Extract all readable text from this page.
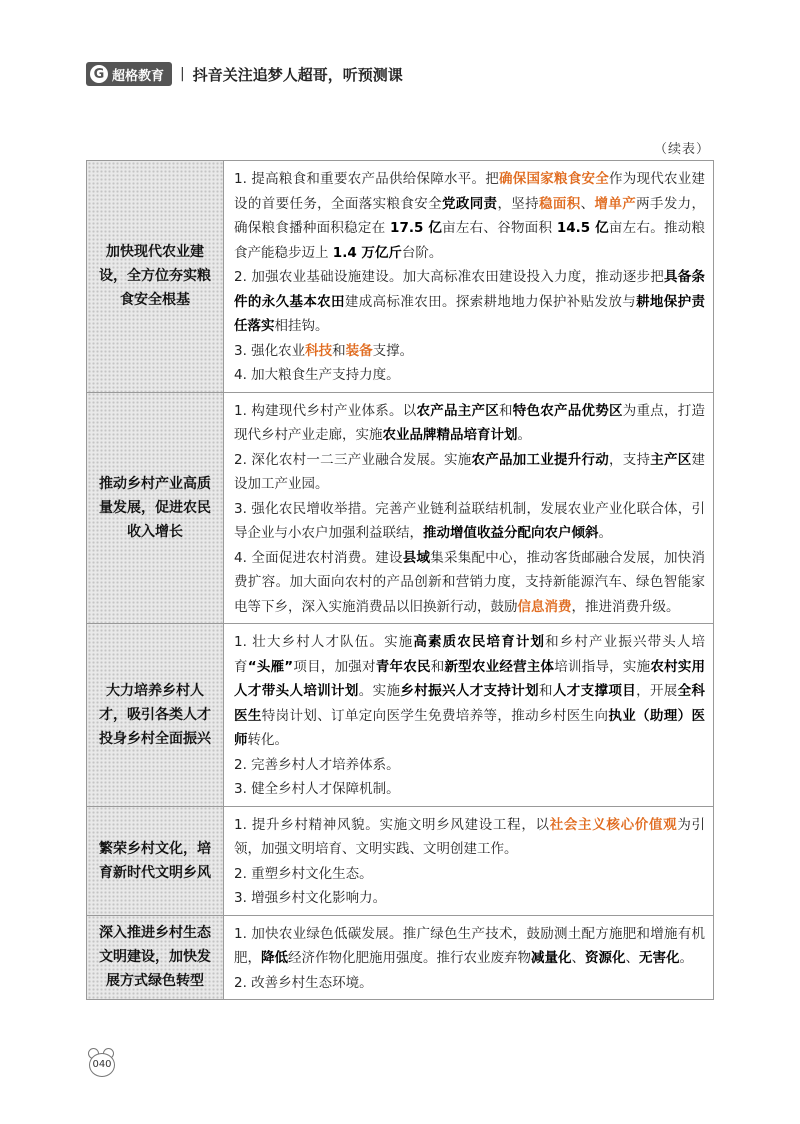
G 超格教育 | 抖音关注追梦人超哥，听预测课
（续表）
加快现代农业建设，全方位夯实粮食安全根基	1. 提高粮食和重要农产品供给保障水平。把确保国家粮食安全作为现代农业建设的首要任务，全面落实粮食安全党政同责，坚持稳面积、增单产两手发力，确保粮食播种面积稳定在 17.5 亿亩左右、谷物面积 14.5 亿亩左右。推动粮食产能稳步迈上 1.4 万亿斤台阶。
2. 加强农业基础设施建设。加大高标准农田建设投入力度，推动逐步把具备条件的永久基本农田建成高标准农田。探索耕地地力保护补贴发放与耕地保护责任落实相挂钩。
3. 强化农业科技和装备支撑。
4. 加大粮食生产支持力度。

推动乡村产业高质量发展，促进农民收入增长	1. 构建现代乡村产业体系。以农产品主产区和特色农产品优势区为重点，打造现代乡村产业走廊，实施农业品牌精品培育计划。
2. 深化农村一二三产业融合发展。实施农产品加工业提升行动，支持主产区建设加工产业园。
3. 强化农民增收举措。完善产业链利益联结机制，发展农业产业化联合体，引导企业与小农户加强利益联结，推动增值收益分配向农户倾斜。
4. 全面促进农村消费。建设县域集采集配中心，推动客货邮融合发展，加快消费扩容。加大面向农村的产品创新和营销力度，支持新能源汽车、绿色智能家电等下乡，深入实施消费品以旧换新行动，鼓励信息消费，推进消费升级。

大力培养乡村人才，吸引各类人才投身乡村全面振兴	1. 壮大乡村人才队伍。实施高素质农民培育计划和乡村产业振兴带头人培育“头雁”项目，加强对青年农民和新型农业经营主体培训指导，实施农村实用人才带头人培训计划。实施乡村振兴人才支持计划和人才支撑项目，开展全科医生特岗计划、订单定向医学生免费培养等，推动乡村医生向执业（助理）医师转化。
2. 完善乡村人才培养体系。
3. 健全乡村人才保障机制。

繁荣乡村文化，培育新时代文明乡风	1. 提升乡村精神风貌。实施文明乡风建设工程，以社会主义核心价值观为引领，加强文明培育、文明实践、文明创建工作。
2. 重塑乡村文化生态。
3. 增强乡村文化影响力。

深入推进乡村生态文明建设，加快发展方式绿色转型	1. 加快农业绿色低碳发展。推广绿色生产技术，鼓励测土配方施肥和增施有机肥，降低经济作物化肥施用强度。推行农业废弃物减量化、资源化、无害化。
2. 改善乡村生态环境。
040
